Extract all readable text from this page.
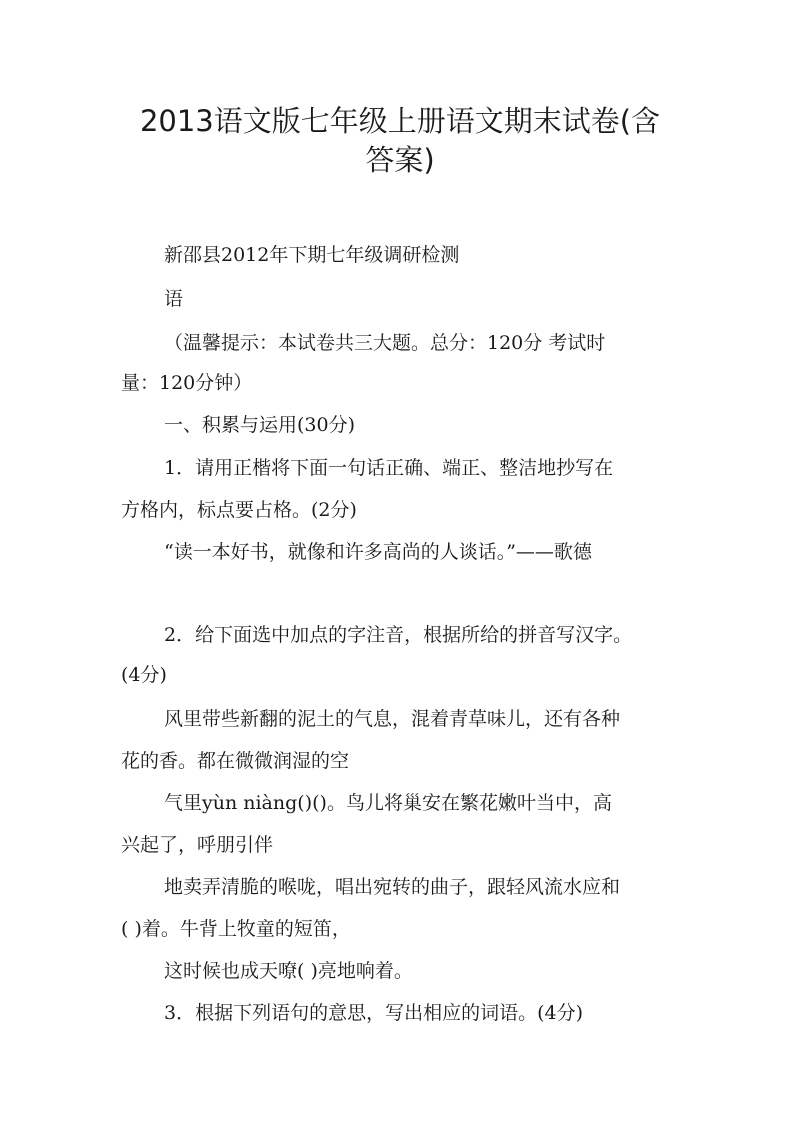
2013语文版七年级上册语文期末试卷(含
答案)

新邵县2012年下期七年级调研检测

语

（温馨提示：本试卷共三大题。总分：120分 考试时

量：120分钟）

一、积累与运用(30分)

1．请用正楷将下面一句话正确、端正、整洁地抄写在

方格内，标点要占格。(2分)

“读一本好书，就像和许多高尚的人谈话。”——歌德

2．给下面选中加点的字注音，根据所给的拼音写汉字。

(4分)

风里带些新翻的泥土的气息，混着青草味儿，还有各种

花的香。都在微微润湿的空

气里yùn niàng()()。鸟儿将巢安在繁花嫩叶当中，高

兴起了，呼朋引伴

地卖弄清脆的喉咙，唱出宛转的曲子，跟轻风流水应和

( )着。牛背上牧童的短笛，

这时候也成天嘹( )亮地响着。

3．根据下列语句的意思，写出相应的词语。(4分)
